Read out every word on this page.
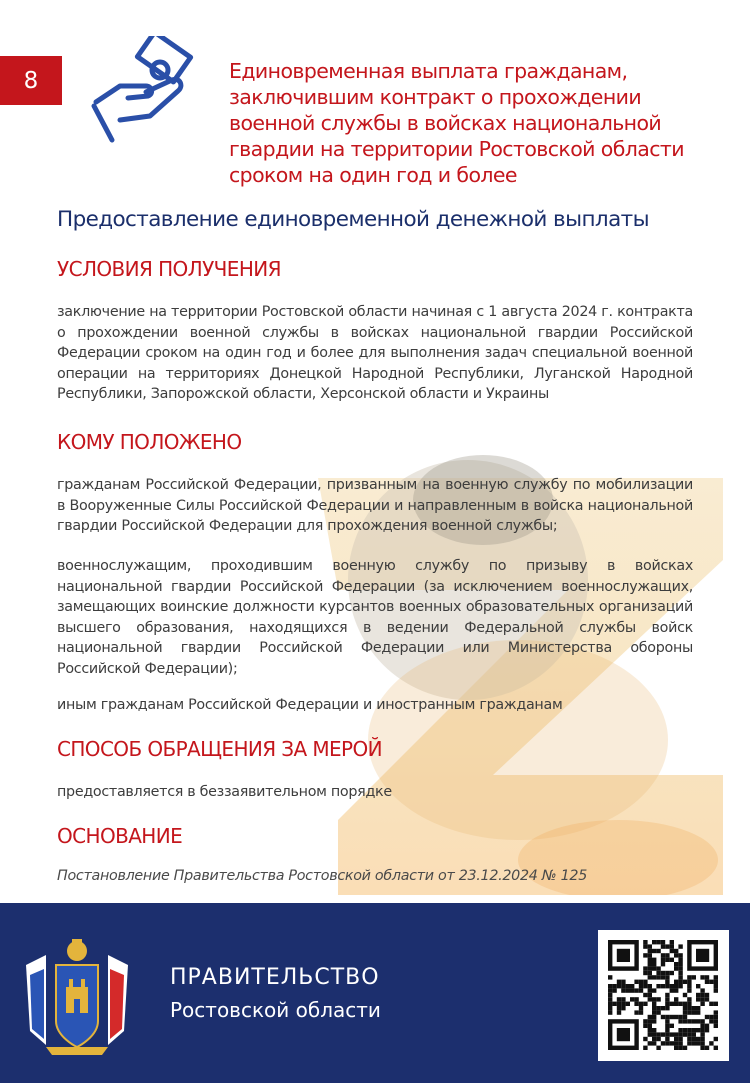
8	Единовременная выплата гражданам, заключившим контракт о прохождении военной службы в войсках национальной гвардии на территории Ростовской области сроком на один год и более
Предоставление единовременной денежной выплаты
УСЛОВИЯ ПОЛУЧЕНИЯ
заключение на территории Ростовской области начиная с 1 августа 2024 г. контракта о прохождении военной службы в войсках национальной гвардии Российской Федерации сроком на один год и более для выполнения задач специальной военной операции на территориях Донецкой Народной Республики, Луганской Народной Республики, Запорожской области, Херсонской области и Украины
КОМУ ПОЛОЖЕНО
гражданам Российской Федерации, призванным на военную службу по мобилизации в Вооруженные Силы Российской Федерации и направленным в войска национальной гвардии Российской Федерации для прохождения военной службы;
военнослужащим, проходившим военную службу по призыву в войсках национальной гвардии Российской Федерации (за исключением военнослужащих, замещающих воинские должности курсантов военных образовательных организаций высшего образования, находящихся в ведении Федеральной службы войск национальной гвардии Российской Федерации или Министерства обороны Российской Федерации);
иным гражданам Российской Федерации и иностранным гражданам
СПОСОБ ОБРАЩЕНИЯ ЗА МЕРОЙ
предоставляется в беззаявительном порядке
ОСНОВАНИЕ
Постановление Правительства Ростовской области от 23.12.2024 № 125
ПРАВИТЕЛЬСТВО
Ростовской области
